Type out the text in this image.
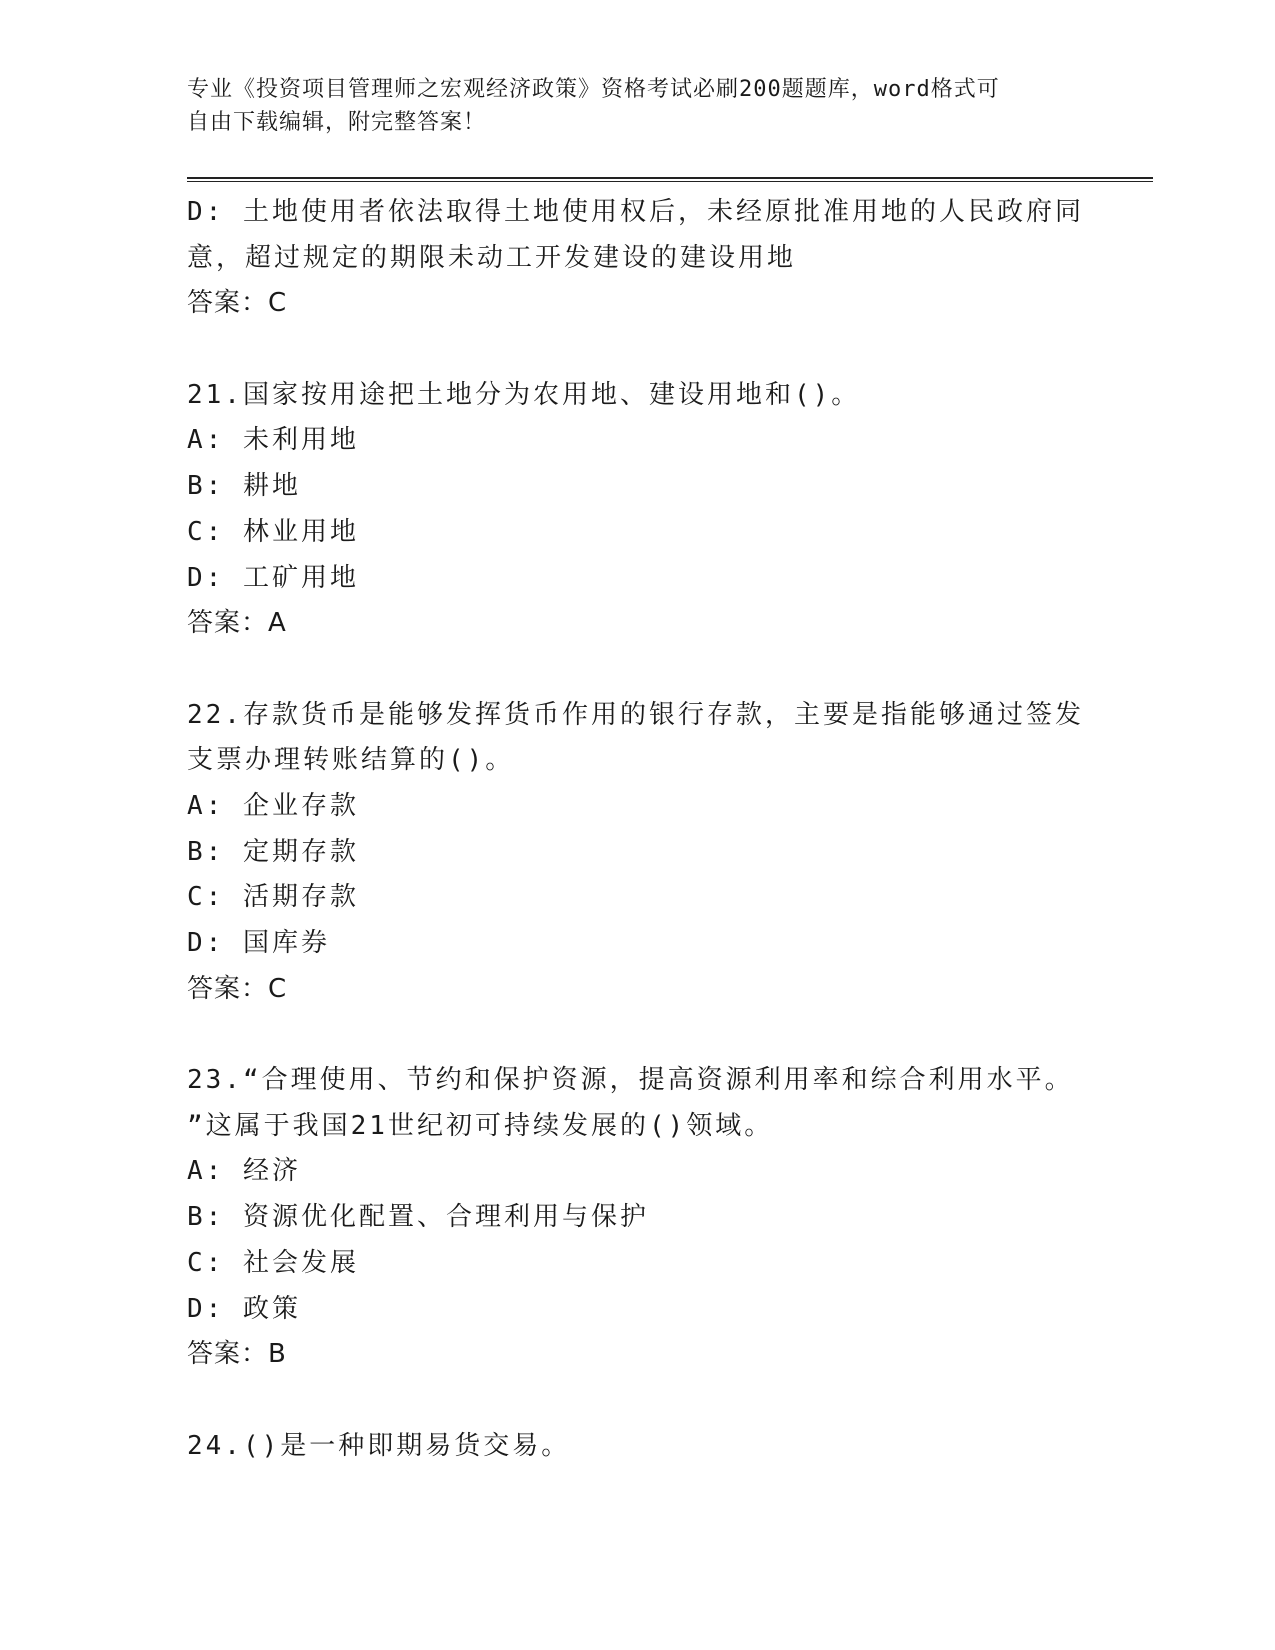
专业《投资项目管理师之宏观经济政策》资格考试必刷200题题库，word格式可
自由下载编辑，附完整答案！
D: 土地使用者依法取得土地使用权后，未经原批准用地的人民政府同
意，超过规定的期限未动工开发建设的建设用地
答案：C
21.国家按用途把土地分为农用地、建设用地和()。
A: 未利用地
B: 耕地
C: 林业用地
D: 工矿用地
答案：A
22.存款货币是能够发挥货币作用的银行存款，主要是指能够通过签发
支票办理转账结算的()。
A: 企业存款
B: 定期存款
C: 活期存款
D: 国库券
答案：C
23.“合理使用、节约和保护资源，提高资源利用率和综合利用水平。
”这属于我国21世纪初可持续发展的()领域。
A: 经济
B: 资源优化配置、合理利用与保护
C: 社会发展
D: 政策
答案：B
24.()是一种即期易货交易。
